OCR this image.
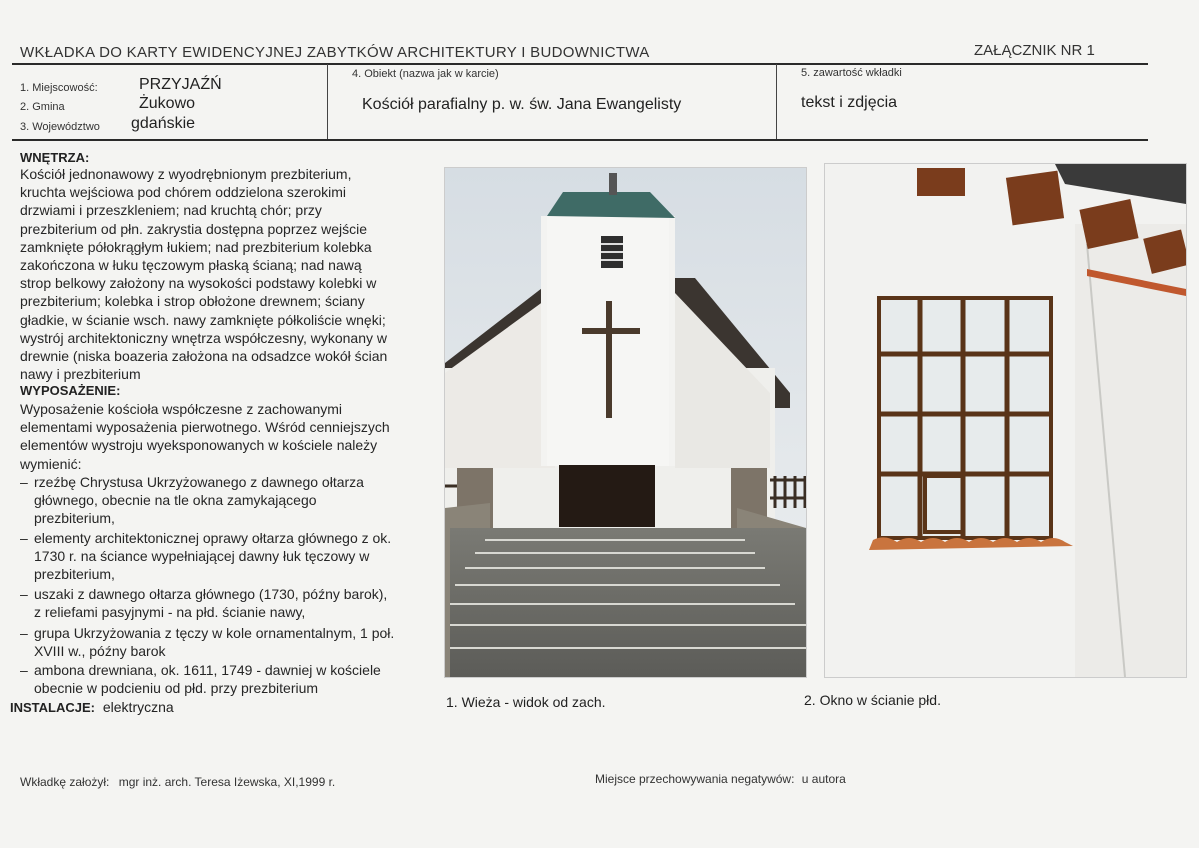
WKŁADKA DO KARTY EWIDENCYJNEJ ZABYTKÓW ARCHITEKTURY I BUDOWNICTWA	ZAŁĄCZNIK NR 1
1. Miejscowość:	PRZYJAŹŃ
2. Gmina	Żukowo
3. Województwo gdańskie
4. Obiekt (nazwa jak w karcie)
Kościół parafialny p. w. św. Jana Ewangelisty
5. zawartość wkładki
tekst i zdjęcia
WNĘTRZA:
Kościół jednonawowy z wyodrębnionym prezbiterium,
kruchta wejściowa pod chórem oddzielona szerokimi
drzwiami i przeszkleniem; nad kruchtą chór; przy
prezbiterium od płn. zakrystia dostępna poprzez wejście
zamknięte półokrągłym łukiem; nad prezbiterium kolebka
zakończona w łuku tęczowym płaską ścianą; nad nawą
strop belkowy założony na wysokości podstawy kolebki w
prezbiterium; kolebka i strop obłożone drewnem; ściany
gładkie, w ścianie wsch. nawy zamknięte półkoliście wnęki;
wystrój architektoniczny wnętrza współczesny, wykonany w
drewnie (niska boazeria założona na odsadzce wokół ścian
nawy i prezbiterium
WYPOSAŻENIE:
Wyposażenie kościoła współczesne z zachowanymi
elementami wyposażenia pierwotnego. Wśród cenniejszych
elementów wystroju wyeksponowanych w kościele należy
wymienić:
– rzeźbę Chrystusa Ukrzyżowanego z dawnego ołtarza
głównego, obecnie na tle okna zamykającego
prezbiterium,
– elementy architektonicznej oprawy ołtarza głównego z ok.
1730 r. na ściance wypełniającej dawny łuk tęczowy w
prezbiterium,
– uszaki z dawnego ołtarza głównego (1730, późny barok),
z reliefami pasyjnymi - na płd. ścianie nawy,
– grupa Ukrzyżowania z tęczy w kole ornamentalnym, 1 poł.
XVIII w., późny barok
– ambona drewniana, ok. 1611, 1749 - dawniej w kościele
obecnie w podcieniu od płd. przy prezbiterium
INSTALACJE: elektryczna	1. Wieża - widok od zach.	2. Okno w ścianie płd.
Wkładkę założył: mgr inż. arch. Teresa Iżewska, XI,1999 r.	Miejsce przechowywania negatywów: u autora
